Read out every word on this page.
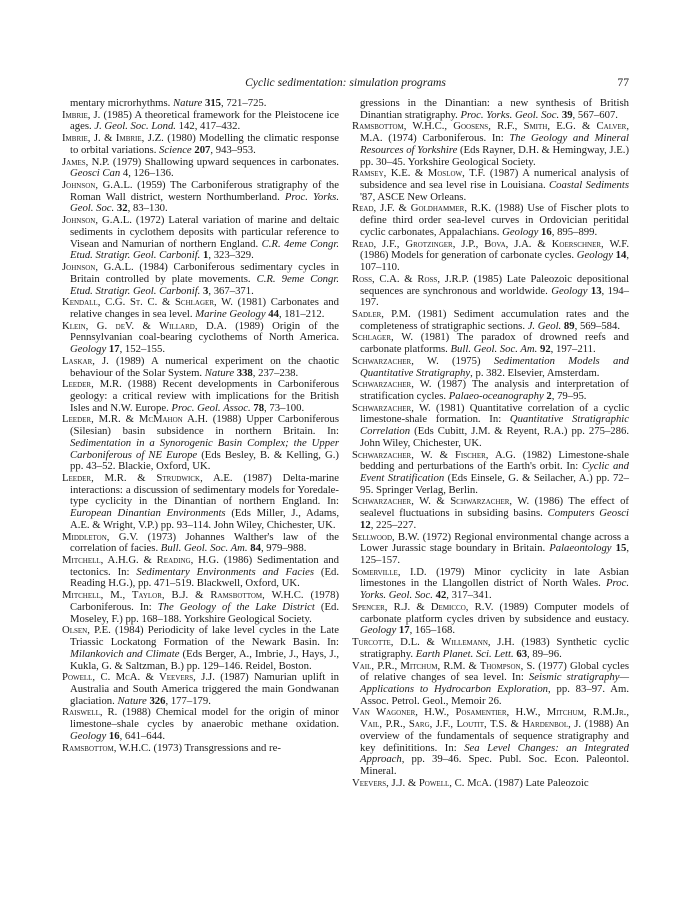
Cyclic sedimentation: simulation programs	77

mentary microrhythms. Nature 315, 721–725.

Imbrie, J. (1985) A theoretical framework for the Pleistocene ice ages. J. Geol. Soc. Lond. 142, 417–432.

Imbrie, J. & Imbrie, J.Z. (1980) Modelling the climatic response to orbital variations. Science 207, 943–953.

James, N.P. (1979) Shallowing upward sequences in carbonates. Geosci Can 4, 126–136.

Johnson, G.A.L. (1959) The Carboniferous stratigraphy of the Roman Wall district, western Northumberland. Proc. Yorks. Geol. Soc. 32, 83–130.

Johnson, G.A.L. (1972) Lateral variation of marine and deltaic sediments in cyclothem deposits with particular reference to Visean and Namurian of northern England. C.R. 4eme Congr. Etud. Stratigr. Geol. Carbonif. 1, 323–329.

Johnson, G.A.L. (1984) Carboniferous sedimentary cycles in Britain controlled by plate movements. C.R. 9eme Congr. Etud. Stratigr. Geol. Carbonif. 3, 367–371.

Kendall, C.G. St. C. & Schlager, W. (1981) Carbonates and relative changes in sea level. Marine Geology 44, 181–212.

Klein, G. deV. & Willard, D.A. (1989) Origin of the Pennsylvanian coal-bearing cyclothems of North America. Geology 17, 152–155.

Laskar, J. (1989) A numerical experiment on the chaotic behaviour of the Solar System. Nature 338, 237–238.

Leeder, M.R. (1988) Recent developments in Carboniferous geology: a critical review with implications for the British Isles and N.W. Europe. Proc. Geol. Assoc. 78, 73–100.

Leeder, M.R. & McMahon A.H. (1988) Upper Carboniferous (Silesian) basin subsidence in northern Britain. In: Sedimentation in a Synorogenic Basin Complex; the Upper Carboniferous of NE Europe (Eds Besley, B. & Kelling, G.) pp. 43–52. Blackie, Oxford, UK.

Leeder, M.R. & Strudwick, A.E. (1987) Delta-marine interactions: a discussion of sedimentary models for Yoredale-type cyclicity in the Dinantian of northern England. In: European Dinantian Environments (Eds Miller, J., Adams, A.E. & Wright, V.P.) pp. 93–114. John Wiley, Chichester, UK.

Middleton, G.V. (1973) Johannes Walther's law of the correlation of facies. Bull. Geol. Soc. Am. 84, 979–988.

Mitchell, A.H.G. & Reading, H.G. (1986) Sedimentation and tectonics. In: Sedimentary Environments and Facies (Ed. Reading H.G.), pp. 471–519. Blackwell, Oxford, UK.

Mitchell, M., Taylor, B.J. & Ramsbottom, W.H.C. (1978) Carboniferous. In: The Geology of the Lake District (Ed. Moseley, F.) pp. 168–188. Yorkshire Geological Society.

Olsen, P.E. (1984) Periodicity of lake level cycles in the Late Triassic Lockatong Formation of the Newark Basin. In: Milankovich and Climate (Eds Berger, A., Imbrie, J., Hays, J., Kukla, G. & Saltzman, B.) pp. 129–146. Reidel, Boston.

Powell, C. McA. & Veevers, J.J. (1987) Namurian uplift in Australia and South America triggered the main Gondwanan glaciation. Nature 326, 177–179.

Raiswell, R. (1988) Chemical model for the origin of minor limestone–shale cycles by anaerobic methane oxidation. Geology 16, 641–644.

Ramsbottom, W.H.C. (1973) Transgressions and re-

gressions in the Dinantian: a new synthesis of British Dinantian stratigraphy. Proc. Yorks. Geol. Soc. 39, 567–607.

Ramsbottom, W.H.C., Goosens, R.F., Smith, E.G. & Calver, M.A. (1974) Carboniferous. In: The Geology and Mineral Resources of Yorkshire (Eds Rayner, D.H. & Hemingway, J.E.) pp. 30–45. Yorkshire Geological Society.

Ramsey, K.E. & Moslow, T.F. (1987) A numerical analysis of subsidence and sea level rise in Louisiana. Coastal Sediments '87, ASCE New Orleans.

Read, J.F. & Goldhammer, R.K. (1988) Use of Fischer plots to define third order sea-level curves in Ordovician peritidal cyclic carbonates, Appalachians. Geology 16, 895–899.

Read, J.F., Grotzinger, J.P., Bova, J.A. & Koerschner, W.F. (1986) Models for generation of carbonate cycles. Geology 14, 107–110.

Ross, C.A. & Ross, J.R.P. (1985) Late Paleozoic depositional sequences are synchronous and worldwide. Geology 13, 194–197.

Sadler, P.M. (1981) Sediment accumulation rates and the completeness of stratigraphic sections. J. Geol. 89, 569–584.

Schlager, W. (1981) The paradox of drowned reefs and carbonate platforms. Bull. Geol. Soc. Am. 92, 197–211.

Schwarzacher, W. (1975) Sedimentation Models and Quantitative Stratigraphy, p. 382. Elsevier, Amsterdam.

Schwarzacher, W. (1987) The analysis and interpretation of stratification cycles. Palaeo-oceanography 2, 79–95.

Schwarzacher, W. (1981) Quantitative correlation of a cyclic limestone-shale formation. In: Quantitative Stratigraphic Correlation (Eds Cubitt, J.M. & Reyent, R.A.) pp. 275–286. John Wiley, Chichester, UK.

Schwarzacher, W. & Fischer, A.G. (1982) Limestone-shale bedding and perturbations of the Earth's orbit. In: Cyclic and Event Stratification (Eds Einsele, G. & Seilacher, A.) pp. 72–95. Springer Verlag, Berlin.

Schwarzacher, W. & Schwarzacher, W. (1986) The effect of sealevel fluctuations in subsiding basins. Computers Geosci 12, 225–227.

Sellwood, B.W. (1972) Regional environmental change across a Lower Jurassic stage boundary in Britain. Palaeontology 15, 125–157.

Somerville, I.D. (1979) Minor cyclicity in late Asbian limestones in the Llangollen district of North Wales. Proc. Yorks. Geol. Soc. 42, 317–341.

Spencer, R.J. & Demicco, R.V. (1989) Computer models of carbonate platform cycles driven by subsidence and eustacy. Geology 17, 165–168.

Turcotte, D.L. & Willemann, J.H. (1983) Synthetic cyclic stratigraphy. Earth Planet. Sci. Lett. 63, 89–96.

Vail, P.R., Mitchum, R.M. & Thompson, S. (1977) Global cycles of relative changes of sea level. In: Seismic stratigraphy—Applications to Hydrocarbon Exploration, pp. 83–97. Am. Assoc. Petrol. Geol., Memoir 26.

Van Wagoner, H.W., Posamentier, H.W., Mitchum, R.M.Jr., Vail, P.R., Sarg, J.F., Loutit, T.S. & Hardenbol, J. (1988) An overview of the fundamentals of sequence stratigraphy and key definititions. In: Sea Level Changes: an Integrated Approach, pp. 39–46. Spec. Publ. Soc. Econ. Paleontol. Mineral.

Veevers, J.J. & Powell, C. McA. (1987) Late Paleozoic
